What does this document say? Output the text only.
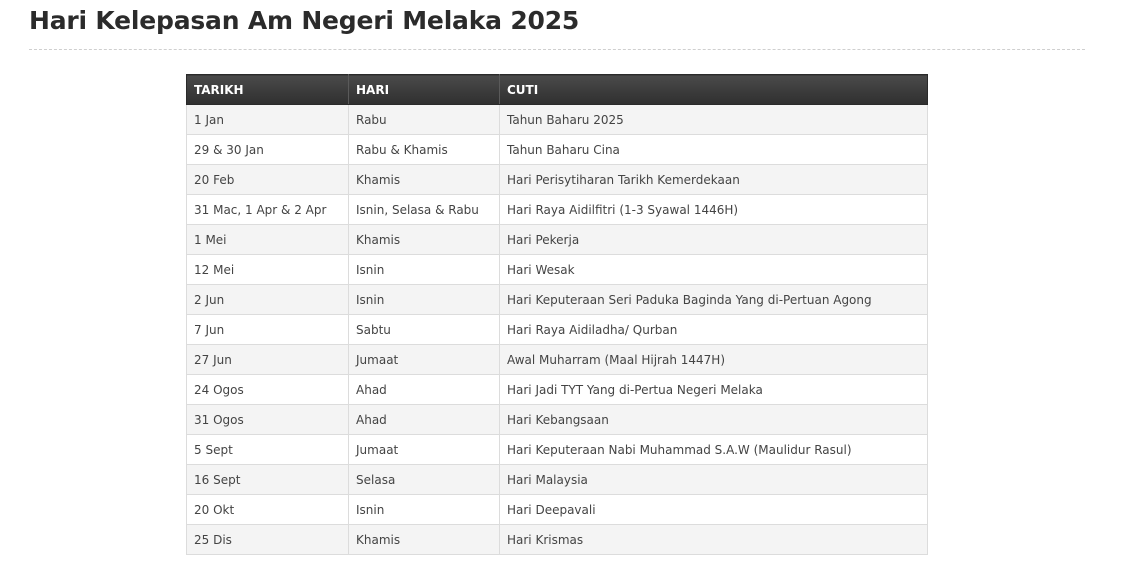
Hari Kelepasan Am Negeri Melaka 2025
TARIKH	HARI	CUTI
1 Jan	Rabu	Tahun Baharu 2025
29 & 30 Jan	Rabu & Khamis	Tahun Baharu Cina
20 Feb	Khamis	Hari Perisytiharan Tarikh Kemerdekaan
31 Mac, 1 Apr & 2 Apr	Isnin, Selasa & Rabu	Hari Raya Aidilfitri (1-3 Syawal 1446H)
1 Mei	Khamis	Hari Pekerja
12 Mei	Isnin	Hari Wesak
2 Jun	Isnin	Hari Keputeraan Seri Paduka Baginda Yang di-Pertuan Agong
7 Jun	Sabtu	Hari Raya Aidiladha/ Qurban
27 Jun	Jumaat	Awal Muharram (Maal Hijrah 1447H)
24 Ogos	Ahad	Hari Jadi TYT Yang di-Pertua Negeri Melaka
31 Ogos	Ahad	Hari Kebangsaan
5 Sept	Jumaat	Hari Keputeraan Nabi Muhammad S.A.W (Maulidur Rasul)
16 Sept	Selasa	Hari Malaysia
20 Okt	Isnin	Hari Deepavali
25 Dis	Khamis	Hari Krismas
